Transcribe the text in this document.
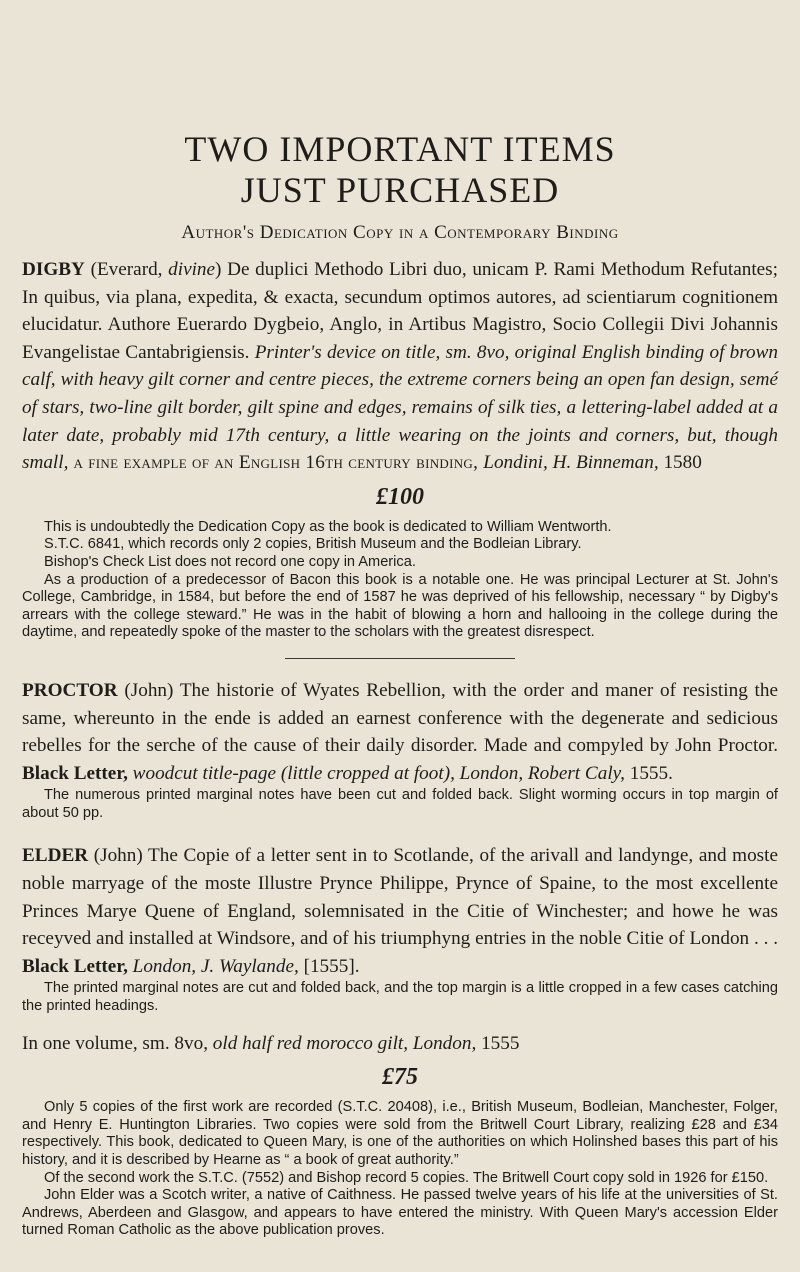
TWO IMPORTANT ITEMS
JUST PURCHASED
Author's Dedication Copy in a Contemporary Binding

DIGBY (Everard, divine) De duplici Methodo Libri duo, unicam P. Rami Methodum Refutantes; In quibus, via plana, expedita, & exacta, secundum optimos autores, ad scientiarum cognitionem elucidatur. Authore Euerardo Dygbeio, Anglo, in Artibus Magistro, Socio Collegii Divi Johannis Evangelistae Cantabrigiensis. Printer's device on title, sm. 8vo, original English binding of brown calf, with heavy gilt corner and centre pieces, the extreme corners being an open fan design, semé of stars, two-line gilt border, gilt spine and edges, remains of silk ties, a lettering-label added at a later date, probably mid 17th century, a little wearing on the joints and corners, but, though small, a fine example of an English 16th century binding, Londini, H. Binneman, 1580

£100

This is undoubtedly the Dedication Copy as the book is dedicated to William Wentworth.

S.T.C. 6841, which records only 2 copies, British Museum and the Bodleian Library.

Bishop's Check List does not record one copy in America.

As a production of a predecessor of Bacon this book is a notable one. He was principal Lecturer at St. John's College, Cambridge, in 1584, but before the end of 1587 he was deprived of his fellowship, necessary “ by Digby's arrears with the college steward.” He was in the habit of blowing a horn and hallooing in the college during the daytime, and repeatedly spoke of the master to the scholars with the greatest disrespect.

PROCTOR (John) The historie of Wyates Rebellion, with the order and maner of resisting the same, whereunto in the ende is added an earnest conference with the degenerate and sedicious rebelles for the serche of the cause of their daily disorder. Made and compyled by John Proctor. Black Letter, woodcut title-page (little cropped at foot), London, Robert Caly, 1555.

The numerous printed marginal notes have been cut and folded back. Slight worming occurs in top margin of about 50 pp.

ELDER (John) The Copie of a letter sent in to Scotlande, of the arivall and landynge, and moste noble marryage of the moste Illustre Prynce Philippe, Prynce of Spaine, to the most excellente Princes Marye Quene of England, solemnisated in the Citie of Winchester; and howe he was receyved and installed at Windsore, and of his triumphyng entries in the noble Citie of London . . . Black Letter, London, J. Waylande, [1555].

The printed marginal notes are cut and folded back, and the top margin is a little cropped in a few cases catching the printed headings.

In one volume, sm. 8vo, old half red morocco gilt, London, 1555

£75

Only 5 copies of the first work are recorded (S.T.C. 20408), i.e., British Museum, Bodleian, Manchester, Folger, and Henry E. Huntington Libraries. Two copies were sold from the Britwell Court Library, realizing £28 and £34 respectively. This book, dedicated to Queen Mary, is one of the authorities on which Holinshed bases this part of his history, and it is described by Hearne as “ a book of great authority.”

Of the second work the S.T.C. (7552) and Bishop record 5 copies. The Britwell Court copy sold in 1926 for £150.

John Elder was a Scotch writer, a native of Caithness. He passed twelve years of his life at the universities of St. Andrews, Aberdeen and Glasgow, and appears to have entered the ministry. With Queen Mary's accession Elder turned Roman Catholic as the above publication proves.
